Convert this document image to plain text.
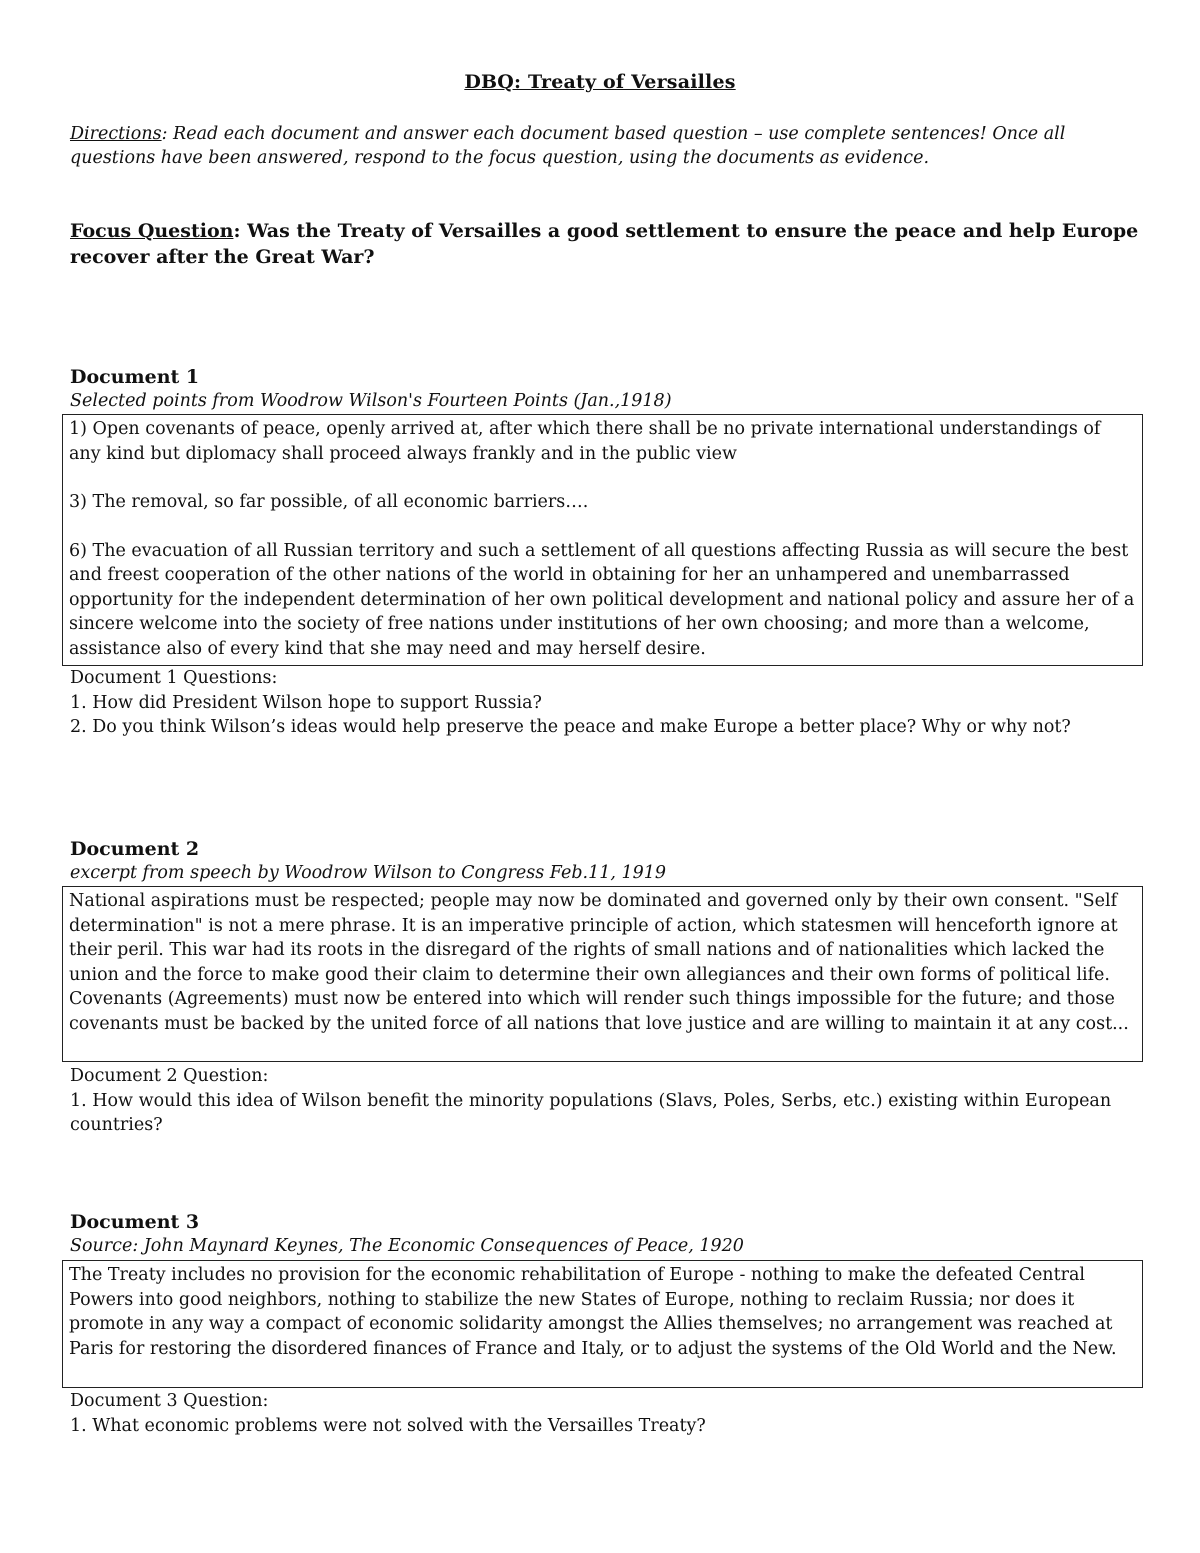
DBQ: Treaty of Versailles
Directions: Read each document and answer each document based question – use complete sentences! Once all questions have been answered, respond to the focus question, using the documents as evidence.
Focus Question: Was the Treaty of Versailles a good settlement to ensure the peace and help Europe recover after the Great War?
Document 1
Selected points from Woodrow Wilson's Fourteen Points (Jan.,1918)

1) Open covenants of peace, openly arrived at, after which there shall be no private international understandings of any kind but diplomacy shall proceed always frankly and in the public view

3) The removal, so far possible, of all economic barriers….

6) The evacuation of all Russian territory and such a settlement of all questions affecting Russia as will secure the best and freest cooperation of the other nations of the world in obtaining for her an unhampered and unembarrassed opportunity for the independent determination of her own political development and national policy and assure her of a sincere welcome into the society of free nations under institutions of her own choosing; and more than a welcome, assistance also of every kind that she may need and may herself desire.

Document 1 Questions:
1. How did President Wilson hope to support Russia?
2. Do you think Wilson’s ideas would help preserve the peace and make Europe a better place? Why or why not?
Document 2
excerpt from speech by Woodrow Wilson to Congress Feb.11, 1919

National aspirations must be respected; people may now be dominated and governed only by their own consent. "Self determination" is not a mere phrase. It is an imperative principle of action, which statesmen will henceforth ignore at their peril. This war had its roots in the disregard of the rights of small nations and of nationalities which lacked the union and the force to make good their claim to determine their own allegiances and their own forms of political life. Covenants (Agreements) must now be entered into which will render such things impossible for the future; and those covenants must be backed by the united force of all nations that love justice and are willing to maintain it at any cost...

Document 2 Question:
1. How would this idea of Wilson benefit the minority populations (Slavs, Poles, Serbs, etc.) existing within European countries?
Document 3
Source: John Maynard Keynes, The Economic Consequences of Peace, 1920

The Treaty includes no provision for the economic rehabilitation of Europe - nothing to make the defeated Central Powers into good neighbors, nothing to stabilize the new States of Europe, nothing to reclaim Russia; nor does it promote in any way a compact of economic solidarity amongst the Allies themselves; no arrangement was reached at Paris for restoring the disordered finances of France and Italy, or to adjust the systems of the Old World and the New.

Document 3 Question:
1. What economic problems were not solved with the Versailles Treaty?
